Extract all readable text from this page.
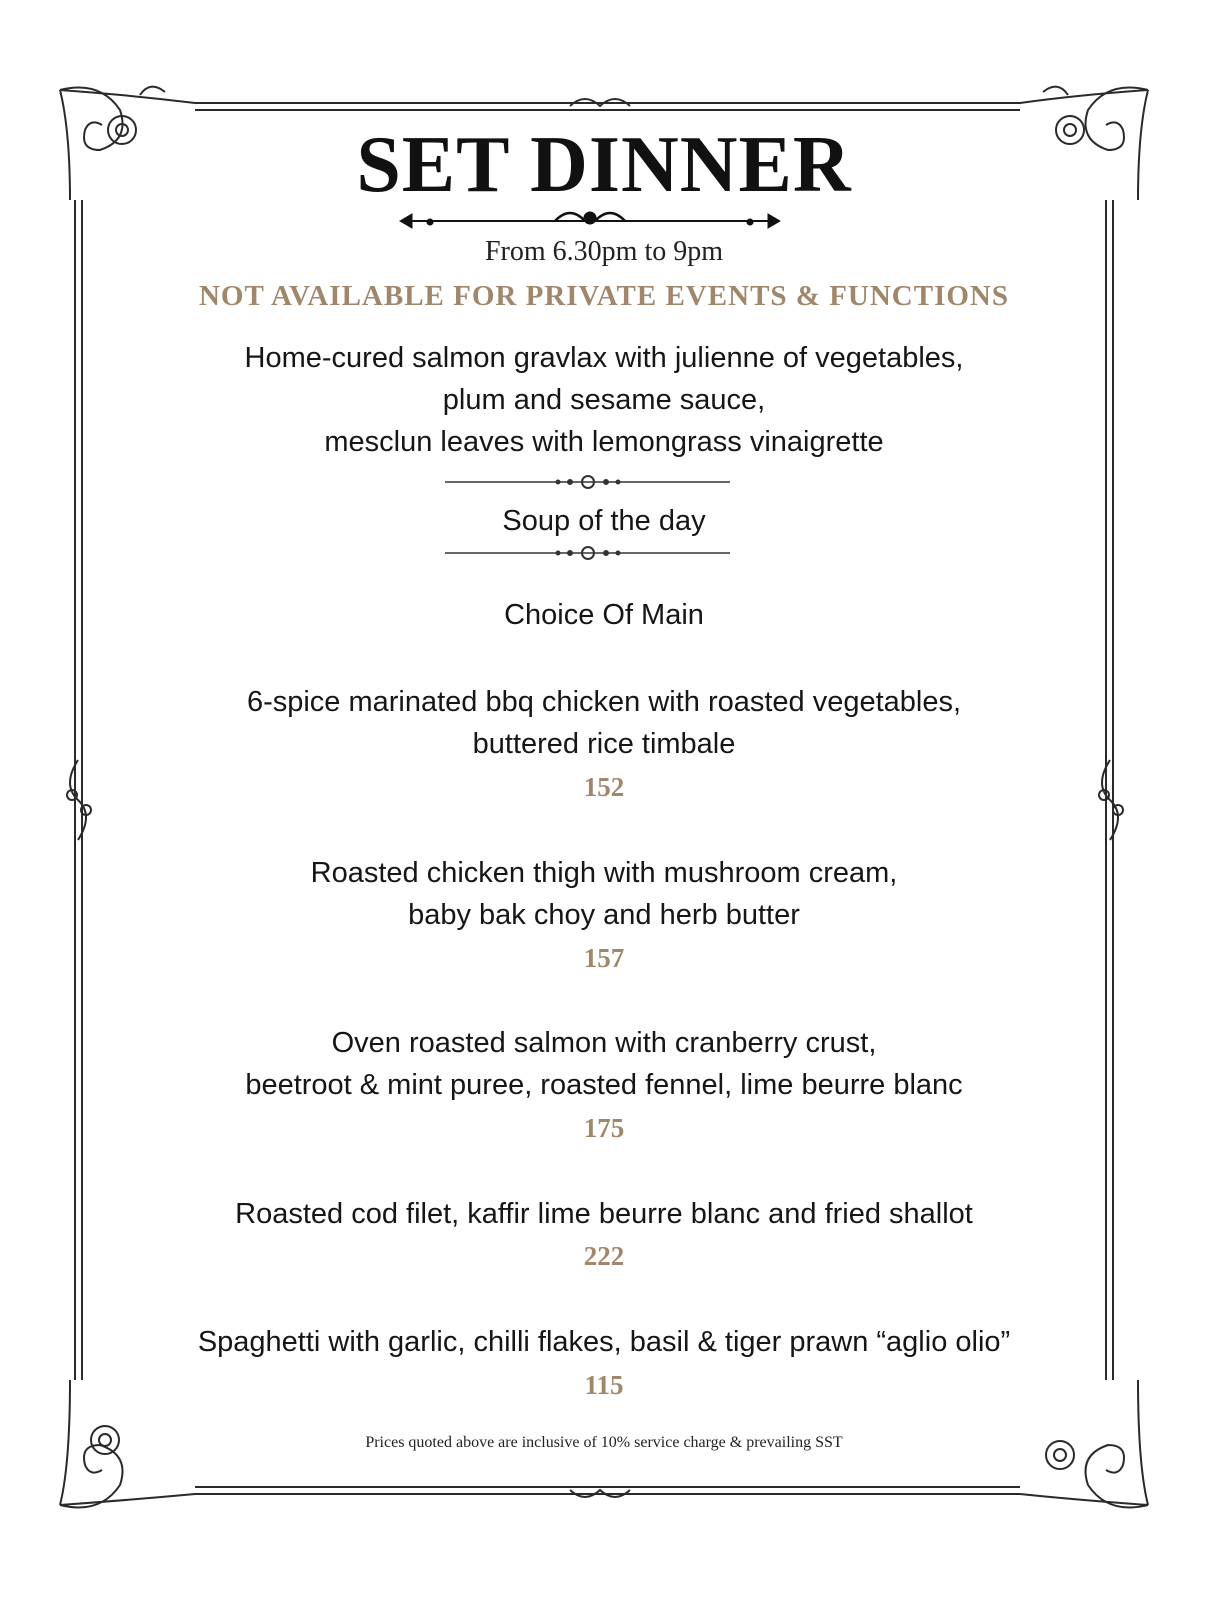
SET DINNER
From 6.30pm to 9pm
NOT AVAILABLE FOR PRIVATE EVENTS & FUNCTIONS
Home-cured salmon gravlax with julienne of vegetables,
plum and sesame sauce,
mesclun leaves with lemongrass vinaigrette
Soup of the day
Choice Of Main
6-spice marinated bbq chicken with roasted vegetables,
buttered rice timbale
152
Roasted chicken thigh with mushroom cream,
baby bak choy and herb butter
157
Oven roasted salmon with cranberry crust,
beetroot & mint puree, roasted fennel, lime beurre blanc
175
Roasted cod filet, kaffir lime beurre blanc and fried shallot
222
Spaghetti with garlic, chilli flakes, basil & tiger prawn “aglio olio”
115
Prices quoted above are inclusive of 10% service charge & prevailing SST
